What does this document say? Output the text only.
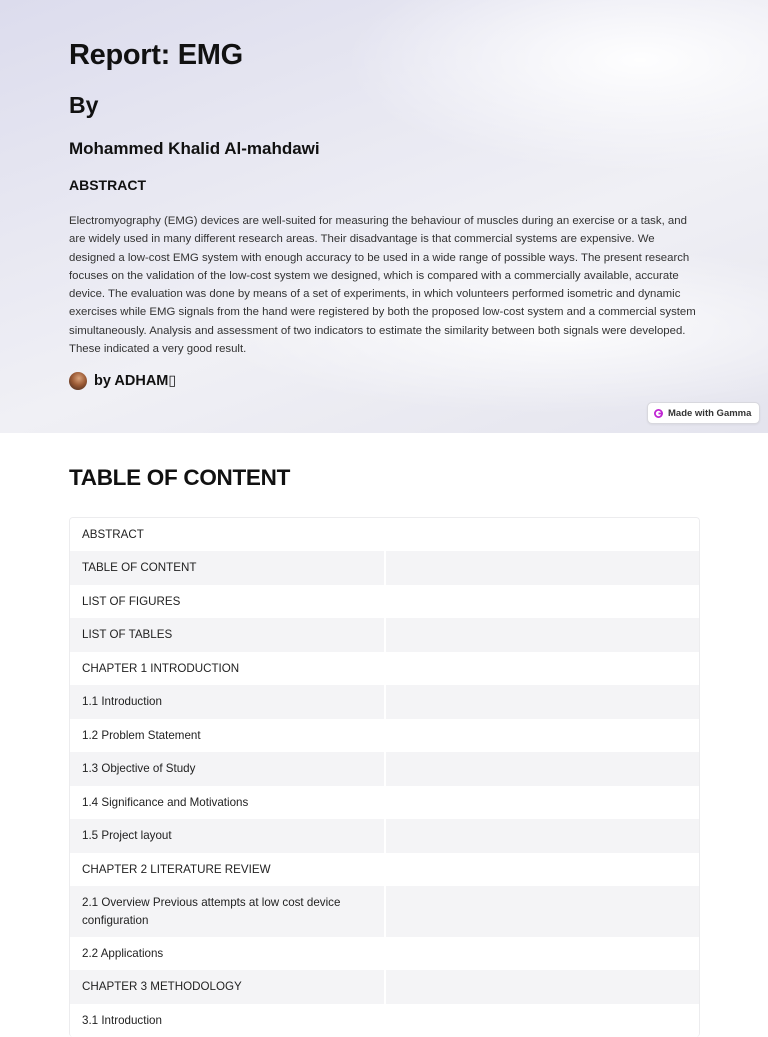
Report: EMG
By
Mohammed Khalid Al-mahdawi
ABSTRACT

Electromyography (EMG) devices are well-suited for measuring the behaviour of muscles during an exercise or a task, and are widely used in many different research areas. Their disadvantage is that commercial systems are expensive. We designed a low-cost EMG system with enough accuracy to be used in a wide range of possible ways. The present research focuses on the validation of the low-cost system we designed, which is compared with a commercially available, accurate device. The evaluation was done by means of a set of experiments, in which volunteers performed isometric and dynamic exercises while EMG signals from the hand were registered by both the proposed low-cost system and a commercial system simultaneously. Analysis and assessment of two indicators to estimate the similarity between both signals were developed. These indicated a very good result.

by ADHAM▯
Made with Gamma
TABLE OF CONTENT
ABSTRACT
TABLE OF CONTENT
LIST OF FIGURES
LIST OF TABLES
CHAPTER 1 INTRODUCTION
1.1 Introduction
1.2 Problem Statement
1.3 Objective of Study
1.4 Significance and Motivations
1.5 Project layout
CHAPTER 2 LITERATURE REVIEW
2.1 Overview Previous attempts at low cost device configuration
2.2 Applications
CHAPTER 3 METHODOLOGY
3.1 Introduction
